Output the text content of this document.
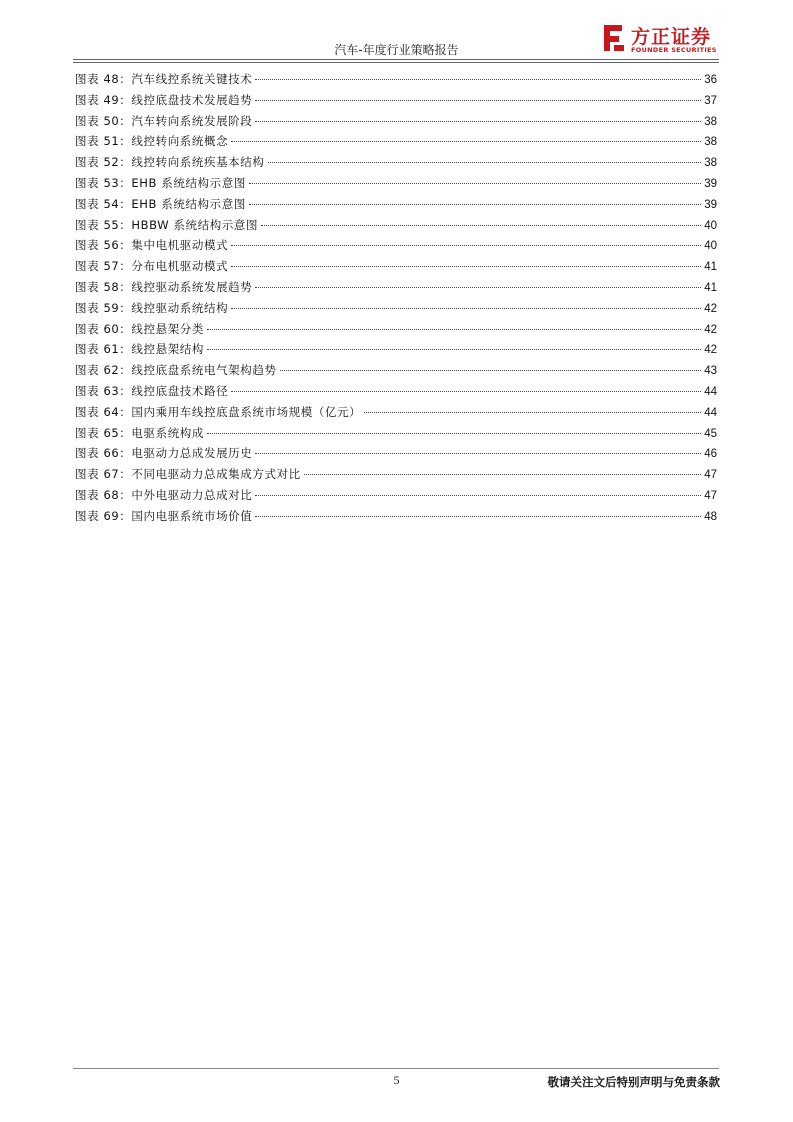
汽车-年度行业策略报告
方正证券
FOUNDER SECURITIES
图表 48：汽车线控系统关键技术	36
图表 49：线控底盘技术发展趋势	37
图表 50：汽车转向系统发展阶段	38
图表 51：线控转向系统概念	38
图表 52：线控转向系统疾基本结构	38
图表 53：EHB 系统结构示意图	39
图表 54：EHB 系统结构示意图	39
图表 55：HBBW 系统结构示意图	40
图表 56：集中电机驱动模式	40
图表 57：分布电机驱动模式	41
图表 58：线控驱动系统发展趋势	41
图表 59：线控驱动系统结构	42
图表 60：线控悬架分类	42
图表 61：线控悬架结构	42
图表 62：线控底盘系统电气架构趋势	43
图表 63：线控底盘技术路径	44
图表 64：国内乘用车线控底盘系统市场规模（亿元）	44
图表 65：电驱系统构成	45
图表 66：电驱动力总成发展历史	46
图表 67：不同电驱动力总成集成方式对比	47
图表 68：中外电驱动力总成对比	47
图表 69：国内电驱系统市场价值	48
5	敬请关注文后特别声明与免责条款
